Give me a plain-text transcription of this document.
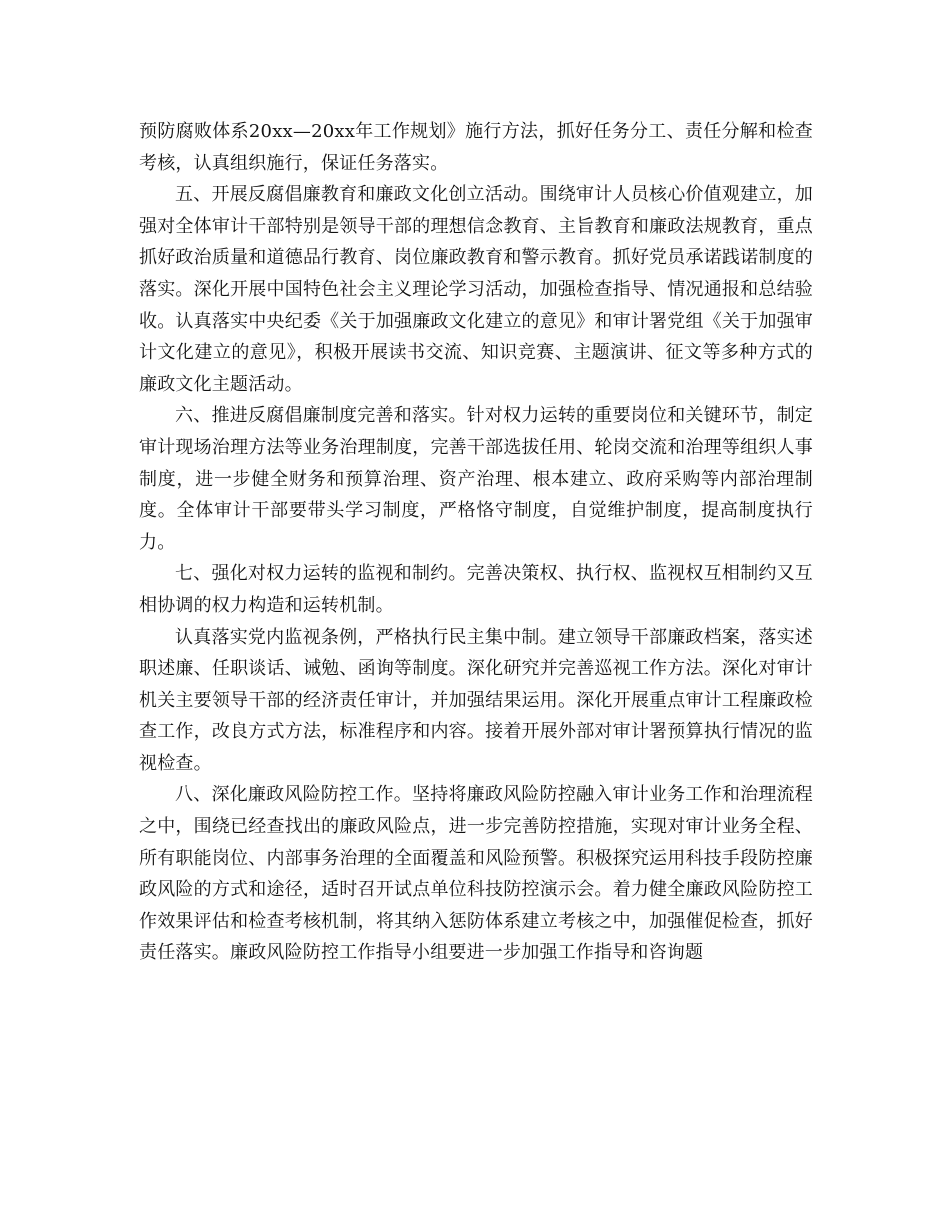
预防腐败体系20xx—20xx年工作规划》施行方法，抓好任务分工、责任分解和检查考核，认真组织施行，保证任务落实。

五、开展反腐倡廉教育和廉政文化创立活动。围绕审计人员核心价值观建立，加强对全体审计干部特别是领导干部的理想信念教育、主旨教育和廉政法规教育，重点抓好政治质量和道德品行教育、岗位廉政教育和警示教育。抓好党员承诺践诺制度的落实。深化开展中国特色社会主义理论学习活动，加强检查指导、情况通报和总结验收。认真落实中央纪委《关于加强廉政文化建立的意见》和审计署党组《关于加强审计文化建立的意见》，积极开展读书交流、知识竞赛、主题演讲、征文等多种方式的廉政文化主题活动。

六、推进反腐倡廉制度完善和落实。针对权力运转的重要岗位和关键环节，制定审计现场治理方法等业务治理制度，完善干部选拔任用、轮岗交流和治理等组织人事制度，进一步健全财务和预算治理、资产治理、根本建立、政府采购等内部治理制度。全体审计干部要带头学习制度，严格恪守制度，自觉维护制度，提高制度执行力。

七、强化对权力运转的监视和制约。完善决策权、执行权、监视权互相制约又互相协调的权力构造和运转机制。

认真落实党内监视条例，严格执行民主集中制。建立领导干部廉政档案，落实述职述廉、任职谈话、诫勉、函询等制度。深化研究并完善巡视工作方法。深化对审计机关主要领导干部的经济责任审计，并加强结果运用。深化开展重点审计工程廉政检查工作，改良方式方法，标准程序和内容。接着开展外部对审计署预算执行情况的监视检查。

八、深化廉政风险防控工作。坚持将廉政风险防控融入审计业务工作和治理流程之中，围绕已经查找出的廉政风险点，进一步完善防控措施，实现对审计业务全程、所有职能岗位、内部事务治理的全面覆盖和风险预警。积极探究运用科技手段防控廉政风险的方式和途径，适时召开试点单位科技防控演示会。着力健全廉政风险防控工作效果评估和检查考核机制，将其纳入惩防体系建立考核之中，加强催促检查，抓好责任落实。廉政风险防控工作指导小组要进一步加强工作指导和咨询题
